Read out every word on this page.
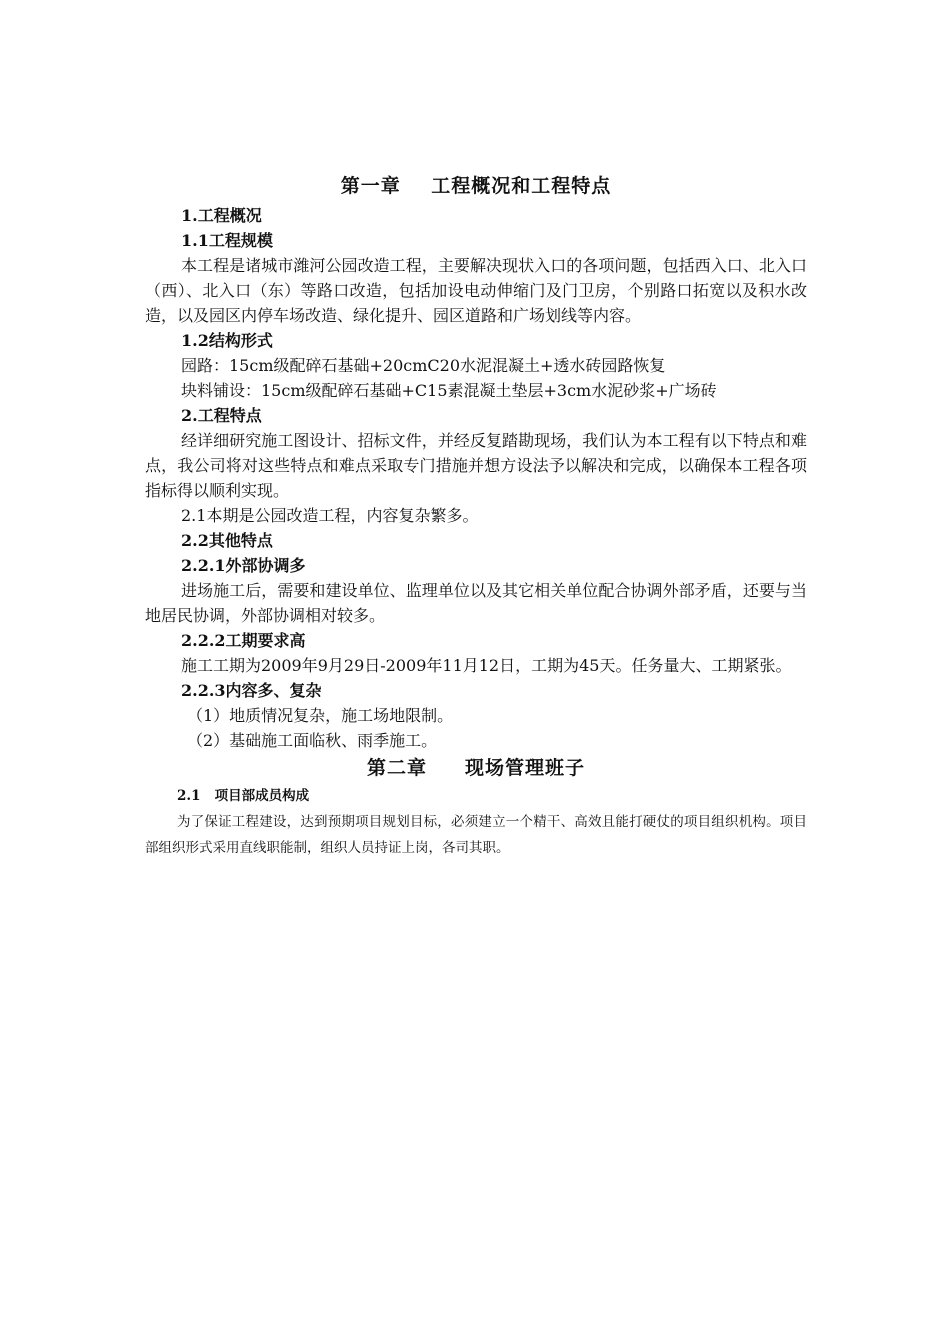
第一章    工程概况和工程特点

1.工程概况

1.1工程规模

本工程是诸城市潍河公园改造工程，主要解决现状入口的各项问题，包括西入口、北入口（西）、北入口（东）等路口改造，包括加设电动伸缩门及门卫房，个别路口拓宽以及积水改造，以及园区内停车场改造、绿化提升、园区道路和广场划线等内容。

1.2结构形式

园路：15cm级配碎石基础+20cmC20水泥混凝土+透水砖园路恢复

块料铺设：15cm级配碎石基础+C15素混凝土垫层+3cm水泥砂浆+广场砖

2.工程特点

经详细研究施工图设计、招标文件，并经反复踏勘现场，我们认为本工程有以下特点和难点，我公司将对这些特点和难点采取专门措施并想方设法予以解决和完成，以确保本工程各项指标得以顺利实现。

2.1本期是公园改造工程，内容复杂繁多。

2.2其他特点

2.2.1外部协调多

进场施工后，需要和建设单位、监理单位以及其它相关单位配合协调外部矛盾，还要与当地居民协调，外部协调相对较多。

2.2.2工期要求高

施工工期为2009年9月29日-2009年11月12日，工期为45天。任务量大、工期紧张。

2.2.3内容多、复杂

（1）地质情况复杂，施工场地限制。

（2）基础施工面临秋、雨季施工。

第二章     现场管理班子

2.1   项目部成员构成

为了保证工程建设，达到预期项目规划目标，必须建立一个精干、高效且能打硬仗的项目组织机构。项目部组织形式采用直线职能制，组织人员持证上岗，各司其职。
